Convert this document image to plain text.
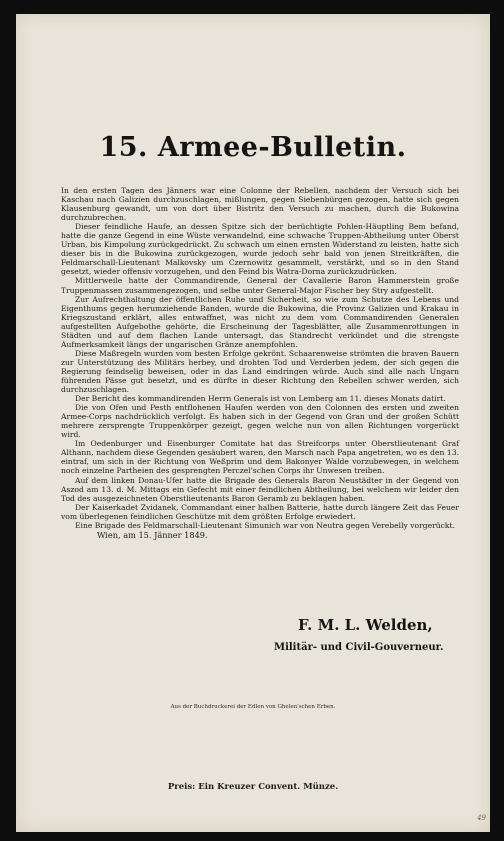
15. Armee-Bulletin.

In den ersten Tagen des Jänners war eine Colonne der Rebellen, nachdem der Versuch sich bei Kaschau nach Galizien durchzuschlagen, mißlungen, gegen Siebenbürgen gezogen, hatte sich gegen Klausenburg gewandt, um von dort über Bistritz den Versuch zu machen, durch die Bukowina durchzubrechen.

Dieser feindliche Haufe, an dessen Spitze sich der berüchtigte Pohlen-Häuptling Bem befand, hatte die ganze Gegend in eine Wüste verwandelnd, eine schwache Truppen-Abtheilung unter Oberst Urban, bis Kimpolung zurückgedrückt. Zu schwach um einen ernsten Widerstand zu leisten, hatte sich dieser bis in die Bukowina zurückgezogen, wurde jedoch sehr bald von jenen Streitkräften, die Feldmarschall-Lieutenant Malkovsky um Czernowitz gesammelt, verstärkt, und so in den Stand gesetzt, wieder offensiv vorzugehen, und den Feind bis Watra-Dorna zurückzudrücken.

Mittlerweile hatte der Commandirende, General der Cavallerie Baron Hammerstein große Truppenmassen zusammengezogen, und selbe unter General-Major Fischer bey Stry aufgestellt.

Zur Aufrechthaltung der öffentlichen Ruhe und Sicherheit, so wie zum Schutze des Lebens und Eigenthums gegen herumziehende Banden, wurde die Bukowina, die Provinz Galizien und Krakau in Kriegszustand erklärt, alles entwaffnet, was nicht zu dem vom Commandirenden Generalen aufgestellten Aufgebothe gehörte, die Erscheinung der Tagesblätter, alle Zusammenrottungen in Städten und auf dem flachen Lande untersagt, das Standrecht verkündet und die strengste Aufmerksamkeit längs der ungarischen Gränze anempfohlen.

Diese Maßregeln wurden vom besten Erfolge gekrönt. Schaarenweise strömten die braven Bauern zur Unterstützung des Militärs herbey, und drohten Tod und Verderben jedem, der sich gegen die Regierung feindselig beweisen, oder in das Land eindringen würde. Auch sind alle nach Ungarn führenden Pässe gut besetzt, und es dürfte in dieser Richtung den Rebellen schwer werden, sich durchzuschlagen.

Der Bericht des kommandirenden Herrn Generals ist von Lemberg am 11. dieses Monats datirt.

Die von Ofen und Pesth entflohenen Haufen werden von den Colonnen des ersten und zweiten Armee-Corps nachdrücklich verfolgt. Es haben sich in der Gegend von Gran und der großen Schütt mehrere zersprengte Truppenkörper gezeigt, gegen welche nun von allen Richtungen vorgerückt wird.

Im Oedenburger und Eisenburger Comitate hat das Streifcorps unter Oberstlieutenant Graf Althann, nachdem diese Gegenden gesäubert waren, den Marsch nach Papa angetreten, wo es den 13. eintraf, um sich in der Richtung von Weßprim und dem Bakonyer Walde vorzubewegen, in welchem noch einzelne Partheien des gesprengten Perczel'schen Corps ihr Unwesen treiben.

Auf dem linken Donau-Ufer hatte die Brigade des Generals Baron Neustädter in der Gegend von Aszod am 13. d. M. Mittags ein Gefecht mit einer feindlichen Abtheilung, bei welchem wir leider den Tod des ausgezeichneten Oberstlieutenants Baron Geramb zu beklagen haben.

Der Kaiserkadet Zvidanek, Commandant einer halben Batterie, hatte durch längere Zeit das Feuer vom überlegenen feindlichen Geschütze mit dem größten Erfolge erwiedert.

Eine Brigade des Feldmarschall-Lieutenant Simunich war von Neutra gegen Verebelly vorgerückt.

Wien, am 15. Jänner 1849.

F. M. L. Welden,
Militär- und Civil-Gouverneur.
Aus der Buchdruckerei der Edlen von Ghelen'schen Erben.
Preis: Ein Kreuzer Convent. Münze.
49
